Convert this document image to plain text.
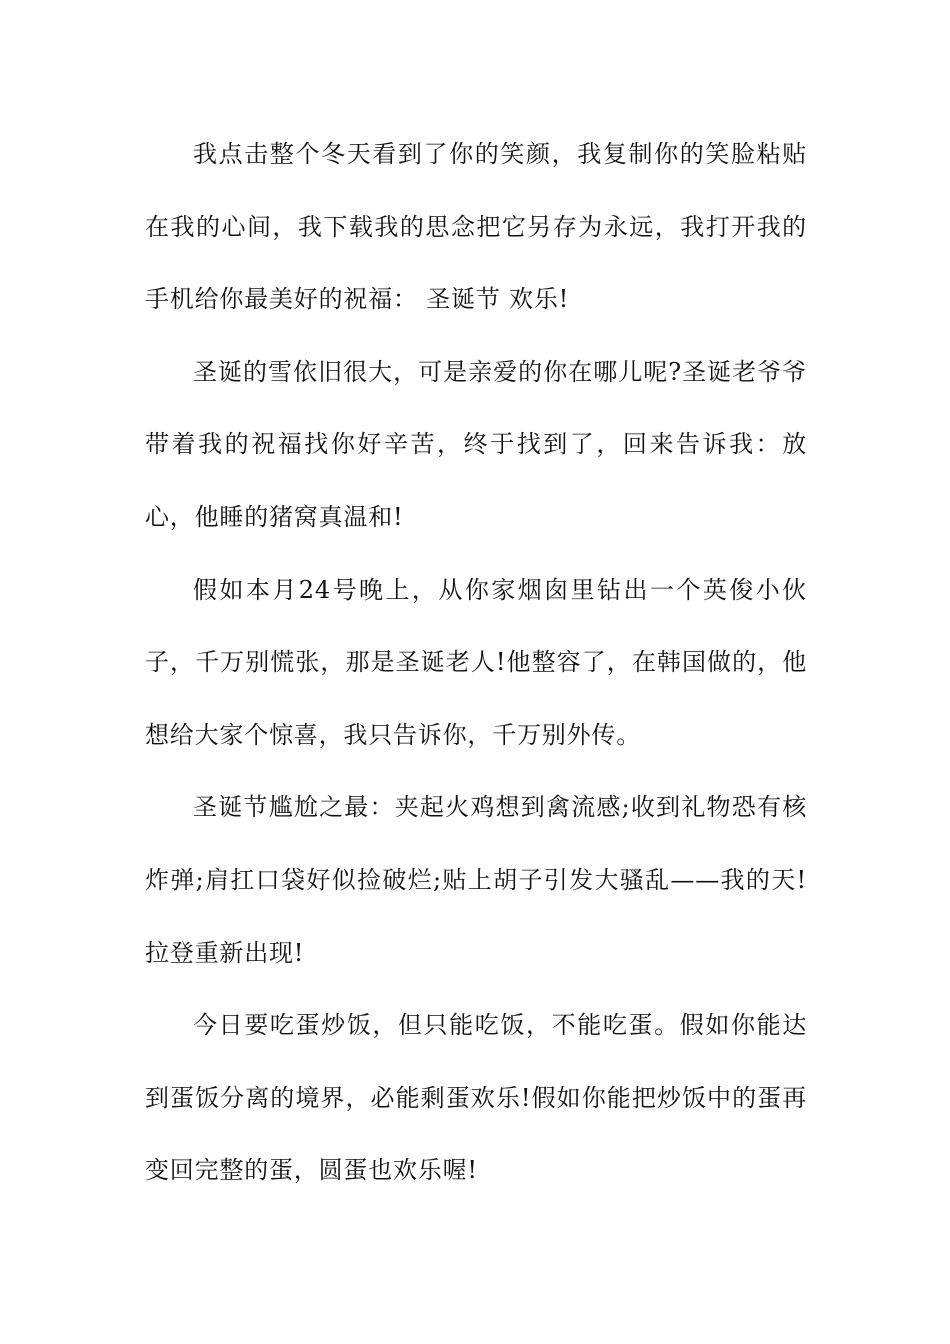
我点击整个冬天看到了你的笑颜，我复制你的笑脸粘贴在我的心间，我下载我的思念把它另存为永远，我打开我的手机给你最美好的祝福： 圣诞节 欢乐!

圣诞的雪依旧很大，可是亲爱的你在哪儿呢?圣诞老爷爷带着我的祝福找你好辛苦，终于找到了，回来告诉我：放心，他睡的猪窝真温和!

假如本月24号晚上，从你家烟囱里钻出一个英俊小伙子，千万别慌张，那是圣诞老人!他整容了，在韩国做的，他想给大家个惊喜，我只告诉你，千万别外传。

圣诞节尴尬之最：夹起火鸡想到禽流感;收到礼物恐有核炸弹;肩扛口袋好似捡破烂;贴上胡子引发大骚乱——我的天!拉登重新出现!

今日要吃蛋炒饭，但只能吃饭，不能吃蛋。假如你能达到蛋饭分离的境界，必能剩蛋欢乐!假如你能把炒饭中的蛋再变回完整的蛋，圆蛋也欢乐喔!
